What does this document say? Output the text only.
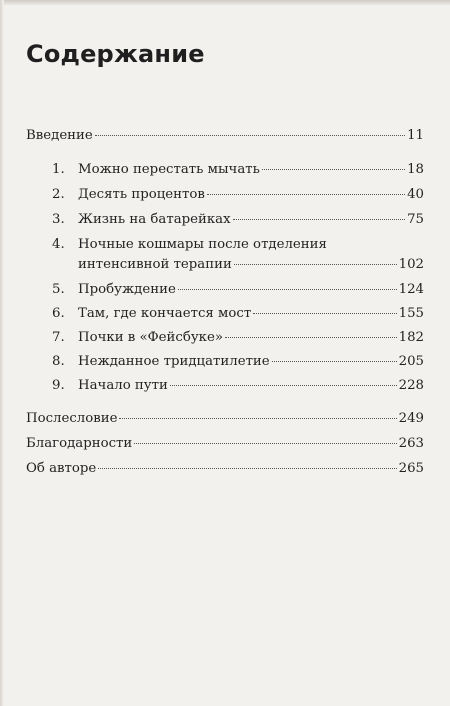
Содержание
Введение	11
1.	Можно перестать мычать	18
2.	Десять процентов	40
3.	Жизнь на батарейках	75
4.	Ночные кошмары после отделения
интенсивной терапии	102
5.	Пробуждение	124
6.	Там, где кончается мост	155
7.	Почки в «Фейсбуке»	182
8.	Нежданное тридцатилетие	205
9.	Начало пути	228
Послесловие	249
Благодарности	263
Об авторе	265
